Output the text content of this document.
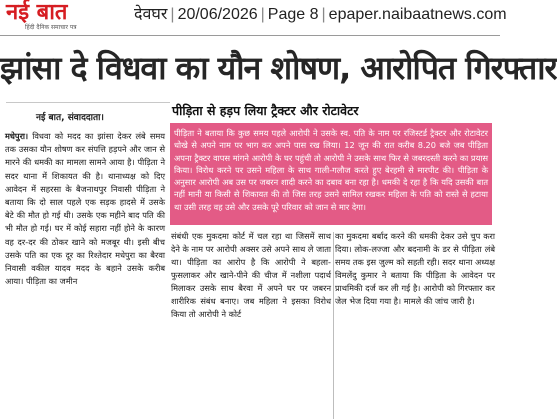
नई बात
हिंदी दैनिक समाचार पत्र
देवघर | 20/06/2026 | Page 8 | epaper.naibaatnews.com
झांसा दे विधवा का यौन शोषण, आरोपित गिरफ्तार
नई बात, संवाददाता।
मधेपुरा। विधवा को मदद का झांसा देकर लंबे समय तक उसका यौन शोषण कर संपत्ति हड़पने और जान से मारने की धमकी का मामला सामने आया है। पीड़िता ने सदर थाना में शिकायत की है। थानाध्यक्ष को दिए आवेदन में सहरसा के बैजनाथपुर निवासी पीड़िता ने बताया कि दो साल पहले एक सड़क हादसे में उसके बेटे की मौत हो गई थी। उसके एक महीने बाद पति की भी मौत हो गई। घर में कोई सहारा नहीं होने के कारण वह दर-दर की ठोकर खाने को मजबूर थी। इसी बीच उसके पति का एक दूर का रिश्तेदार मधेपुरा का बैरवा निवासी वकील यादव मदद के बहाने उसके करीब आया। पीड़िता का जमीन
पीड़िता से हड़प लिया ट्रैक्टर और रोटावेटर
पीड़िता ने बताया कि कुछ समय पहले आरोपी ने उसके स्व. पति के नाम पर रजिस्टर्ड ट्रैक्टर और रोटावेटर धोखे से अपने नाम पर भाग कर अपने पास रख लिया। 12 जून की रात करीब 8.20 बजे जब पीड़िता अपना ट्रैक्टर वापस मांगने आरोपी के घर पहुंची तो आरोपी ने उसके साथ फिर से जबरदस्ती करने का प्रयास किया। विरोध करने पर उसने महिला के साथ गाली-गलौज करते हुए बेरहमी से मारपीट की। पीड़िता के अनुसार आरोपी अब उस पर जबरन शादी करने का दबाव बना रहा है। धमकी दे रहा है कि यदि उसकी बात नहीं मानी या किसी से शिकायत की तो जिस तरह उसने सामिल रखकर महिला के पति को रास्ते से हटाया था उसी तरह वह उसे और उसके पूरे परिवार को जान से मार देगा।
संबंधी एक मुकदमा कोर्ट में चल रहा था जिसमें साथ देने के नाम पर आरोपी अक्सर उसे अपने साथ ले जाता था। पीड़िता का आरोप है कि आरोपी ने बहला-फुसलाकर और खाने-पीने की चीज में नशीला पदार्थ मिलाकर उसके साथ बैरवा में अपने घर पर जबरन शारीरिक संबंध बनाए। जब महिला ने इसका विरोध किया तो आरोपी ने कोर्ट
का मुकदमा बर्बाद करने की धमकी देकर उसे चुप करा दिया। लोक-लज्जा और बदनामी के डर से पीड़िता लंबे समय तक इस जुल्म को सहती रही। सदर थाना अध्यक्ष विमलेंदु कुमार ने बताया कि पीड़िता के आवेदन पर प्राथमिकी दर्ज कर ली गई है। आरोपी को गिरफ्तार कर जेल भेज दिया गया है। मामले की जांच जारी है।
